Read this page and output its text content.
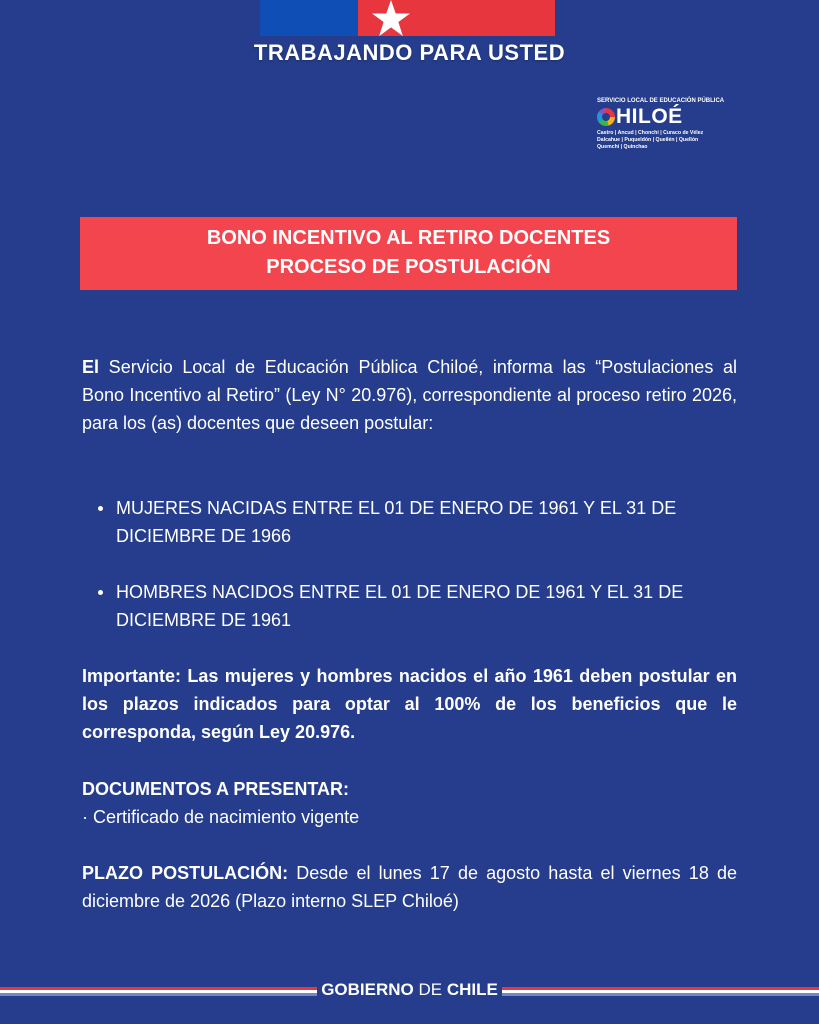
TRABAJANDO PARA USTED
SERVICIO LOCAL DE EDUCACIÓN PÚBLICA
HILOÉ
Castro | Ancud | Chonchi | Curaco de Vélez
Dalcahue | Puqueldón | Queilén | Quellón
Quemchi | Quinchao
BONO INCENTIVO AL RETIRO DOCENTES
PROCESO DE POSTULACIÓN
El Servicio Local de Educación Pública Chiloé, informa las “Postulaciones al Bono Incentivo al Retiro” (Ley N° 20.976), correspondiente al proceso retiro 2026, para los (as) docentes que deseen postular:
MUJERES NACIDAS ENTRE EL 01 DE ENERO DE 1961 Y EL 31 DE DICIEMBRE DE 1966
HOMBRES NACIDOS ENTRE EL 01 DE ENERO DE 1961 Y EL 31 DE DICIEMBRE DE 1961
Importante: Las mujeres y hombres nacidos el año 1961 deben postular en los plazos indicados para optar al 100% de los beneficios que le corresponda, según Ley 20.976.
DOCUMENTOS A PRESENTAR:
· Certificado de nacimiento vigente
PLAZO POSTULACIÓN: Desde el lunes 17 de agosto hasta el viernes 18 de diciembre de 2026 (Plazo interno SLEP Chiloé)
GOBIERNO DE CHILE
